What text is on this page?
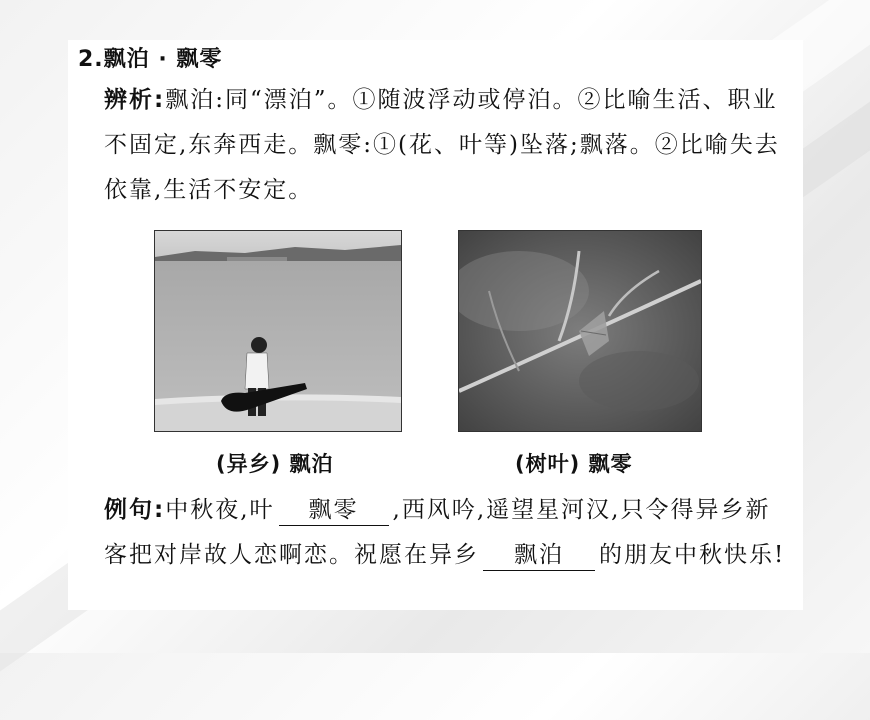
2.飘泊 · 飘零
辨析:飘泊:同“漂泊”。①随波浮动或停泊。②比喻生活、职业不固定,东奔西走。飘零:①(花、叶等)坠落;飘落。②比喻失去依靠,生活不安定。
(异乡) 飘泊	(树叶) 飘零
例句:中秋夜,叶 飘零 ,西风吟,遥望星河汉,只令得异乡新客把对岸故人恋啊恋。祝愿在异乡 飘泊 的朋友中秋快乐!
